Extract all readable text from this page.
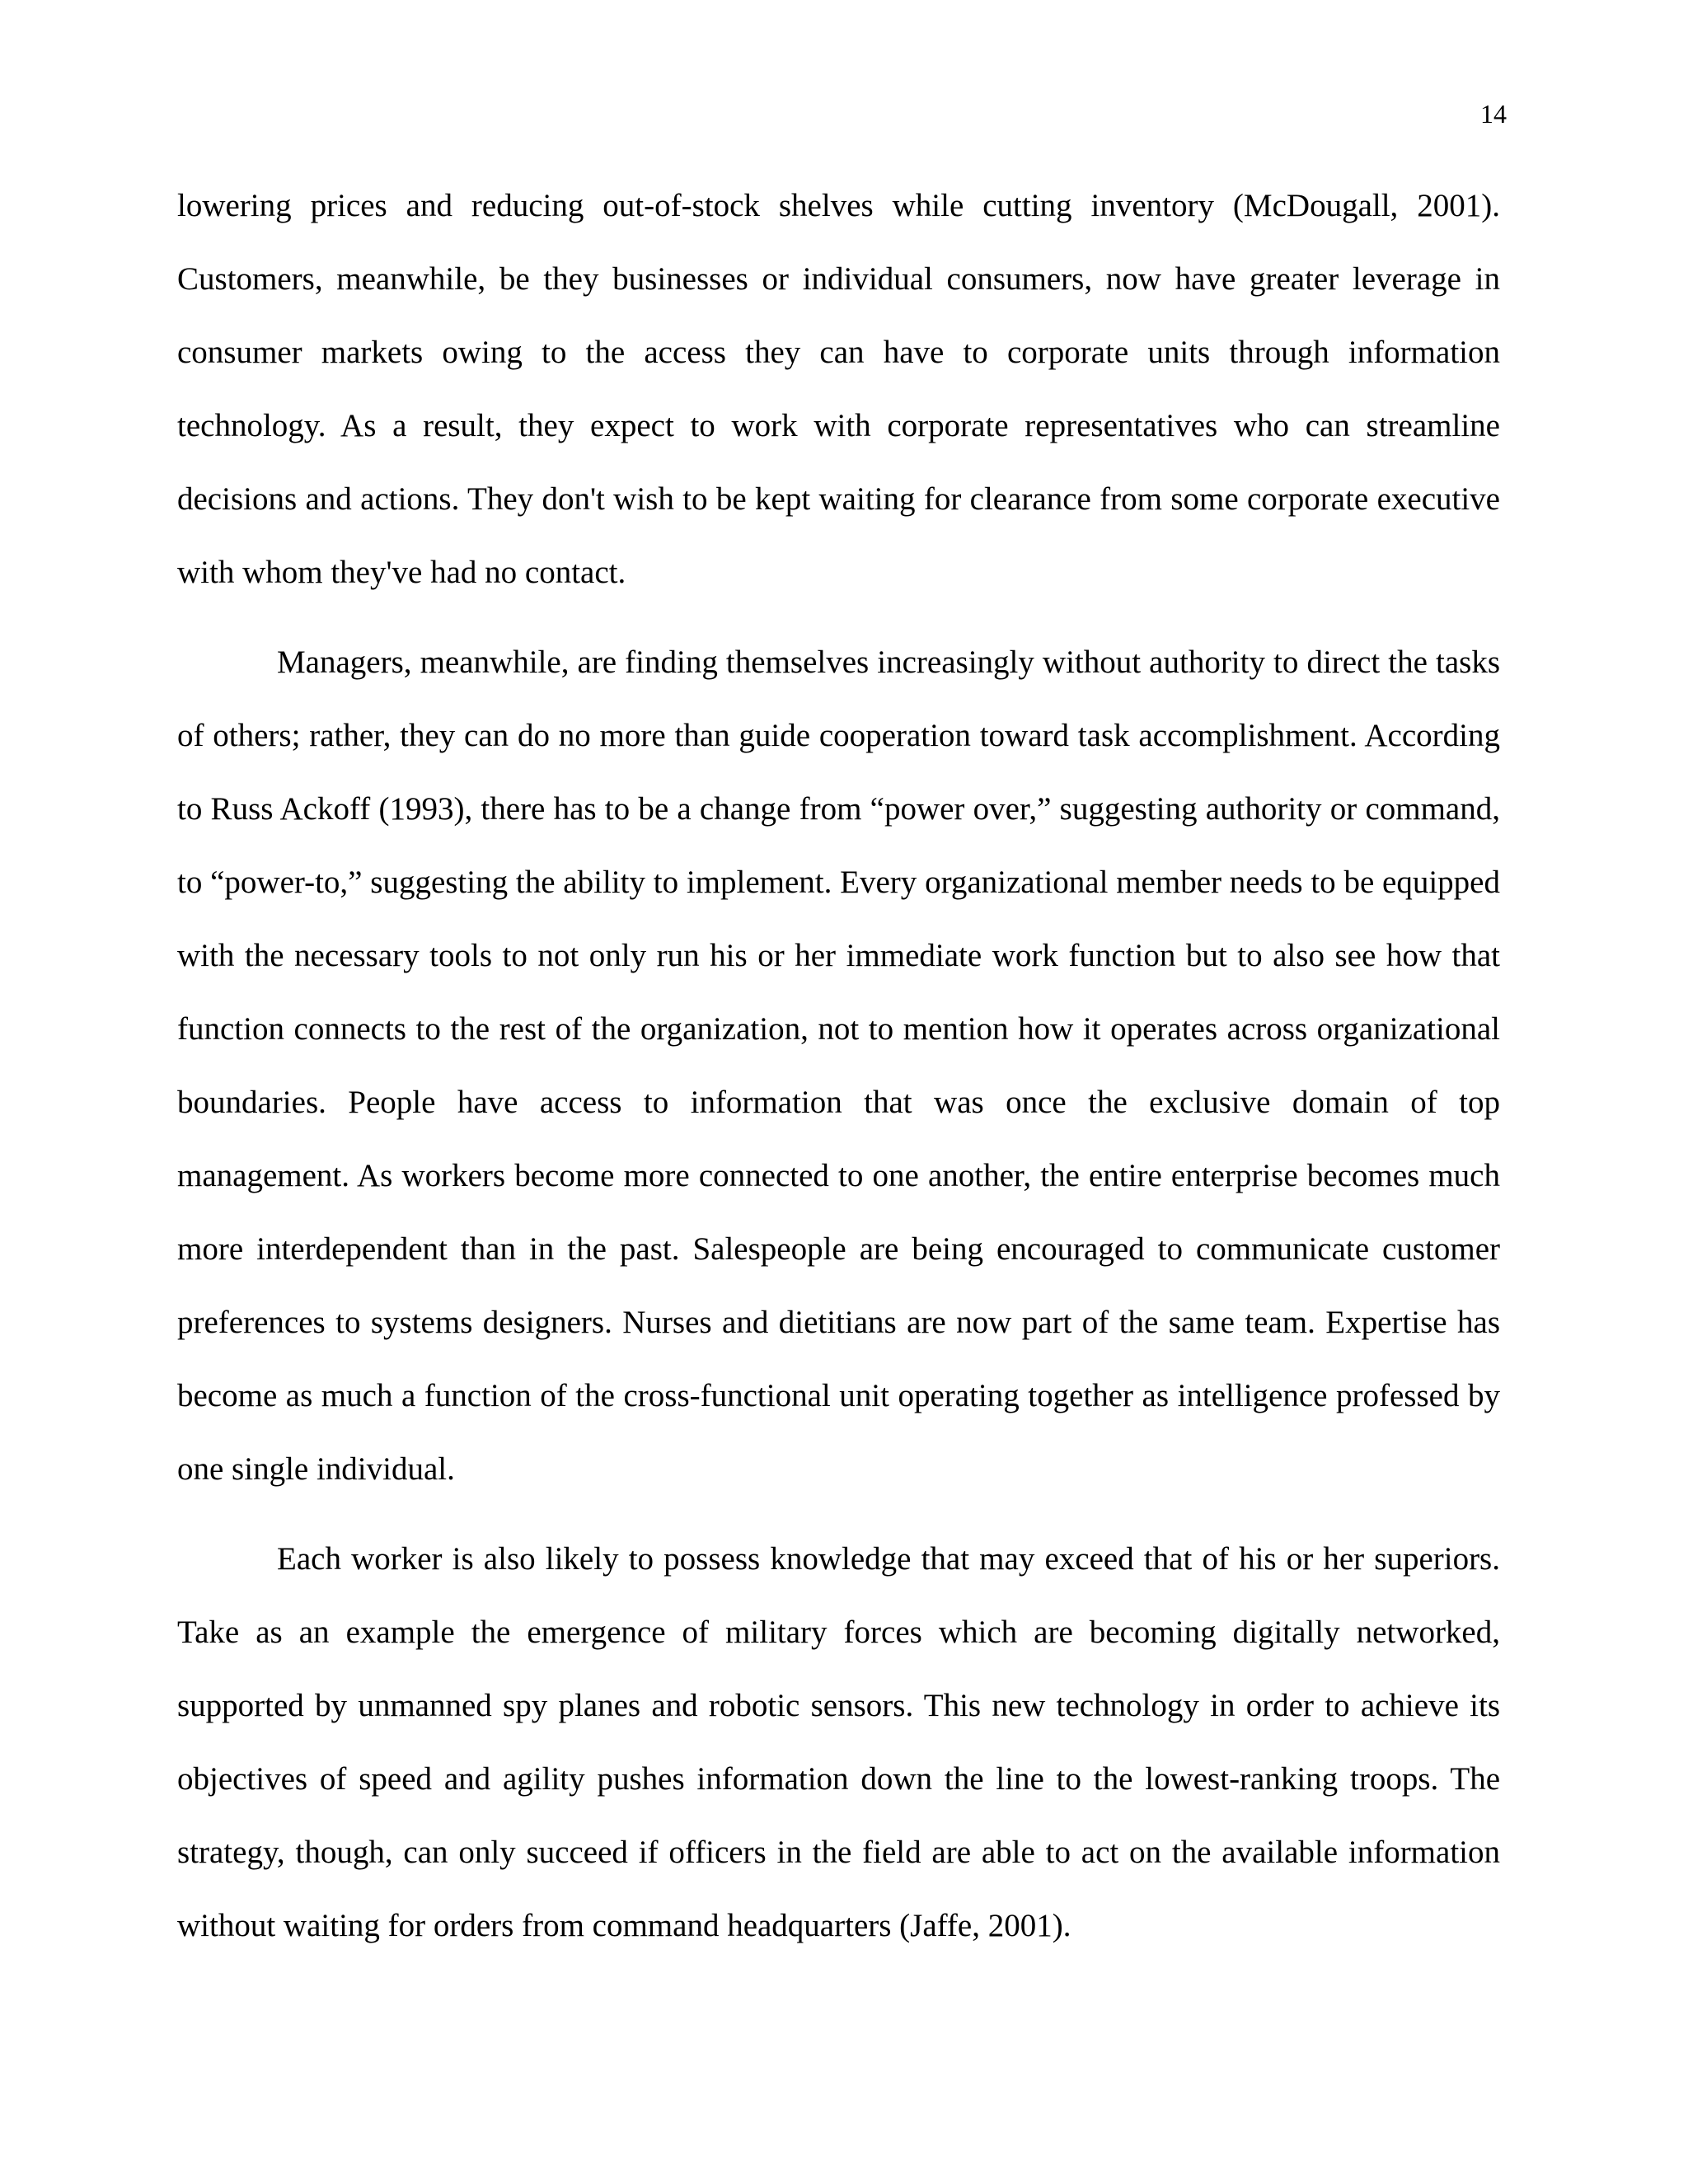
14

lowering prices and reducing out-of-stock shelves while cutting inventory (McDougall, 2001). Customers, meanwhile, be they businesses or individual consumers, now have greater leverage in consumer markets owing to the access they can have to corporate units through information technology. As a result, they expect to work with corporate representatives who can streamline decisions and actions. They don't wish to be kept waiting for clearance from some corporate executive with whom they've had no contact.

Managers, meanwhile, are finding themselves increasingly without authority to direct the tasks of others; rather, they can do no more than guide cooperation toward task accomplishment. According to Russ Ackoff (1993), there has to be a change from “power over,” suggesting authority or command, to “power-to,” suggesting the ability to implement. Every organizational member needs to be equipped with the necessary tools to not only run his or her immediate work function but to also see how that function connects to the rest of the organization, not to mention how it operates across organizational boundaries. People have access to information that was once the exclusive domain of top management. As workers become more connected to one another, the entire enterprise becomes much more interdependent than in the past. Salespeople are being encouraged to communicate customer preferences to systems designers. Nurses and dietitians are now part of the same team. Expertise has become as much a function of the cross-functional unit operating together as intelligence professed by one single individual.

Each worker is also likely to possess knowledge that may exceed that of his or her superiors. Take as an example the emergence of military forces which are becoming digitally networked, supported by unmanned spy planes and robotic sensors. This new technology in order to achieve its objectives of speed and agility pushes information down the line to the lowest-ranking troops. The strategy, though, can only succeed if officers in the field are able to act on the available information without waiting for orders from command headquarters (Jaffe, 2001).
